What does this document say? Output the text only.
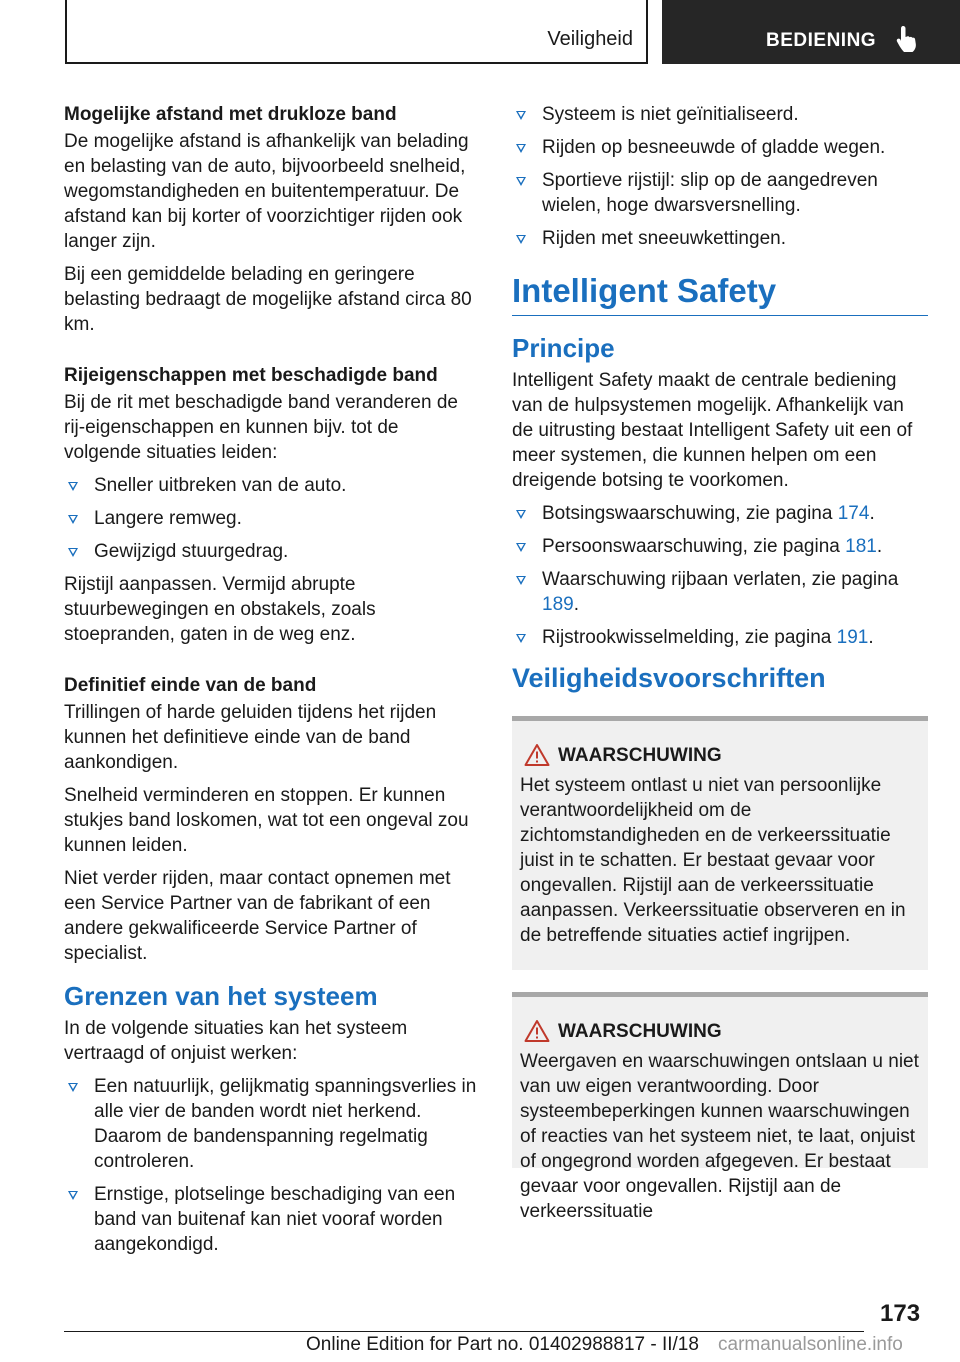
Veiligheid	BEDIENING
Mogelijke afstand met drukloze band

De mogelijke afstand is afhankelijk van belading en belasting van de auto, bijvoorbeeld snelheid, wegomstandigheden en buitentemperatuur. De afstand kan bij korter of voorzichtiger rijden ook langer zijn.

Bij een gemiddelde belading en geringere belasting bedraagt de mogelijke afstand circa 80 km.

Rijeigenschappen met beschadigde band

Bij de rit met beschadigde band veranderen de rij-eigenschappen en kunnen bijv. tot de volgende situaties leiden:

Sneller uitbreken van de auto.
Langere remweg.
Gewijzigd stuurgedrag.

Rijstijl aanpassen. Vermijd abrupte stuurbewegingen en obstakels, zoals stoepranden, gaten in de weg enz.

Definitief einde van de band

Trillingen of harde geluiden tijdens het rijden kunnen het definitieve einde van de band aankondigen.

Snelheid verminderen en stoppen. Er kunnen stukjes band loskomen, wat tot een ongeval zou kunnen leiden.

Niet verder rijden, maar contact opnemen met een Service Partner van de fabrikant of een andere gekwalificeerde Service Partner of specialist.

Grenzen van het systeem

In de volgende situaties kan het systeem vertraagd of onjuist werken:

Een natuurlijk, gelijkmatig spanningsverlies in alle vier de banden wordt niet herkend. Daarom de bandenspanning regelmatig controleren.
Ernstige, plotselinge beschadiging van een band van buitenaf kan niet vooraf worden aangekondigd.
Systeem is niet geïnitialiseerd.
Rijden op besneeuwde of gladde wegen.
Sportieve rijstijl: slip op de aangedreven wielen, hoge dwarsversnelling.
Rijden met sneeuwkettingen.
Intelligent Safety
Principe

Intelligent Safety maakt de centrale bediening van de hulpsystemen mogelijk. Afhankelijk van de uitrusting bestaat Intelligent Safety uit een of meer systemen, die kunnen helpen om een dreigende botsing te voorkomen.

Botsingswaarschuwing, zie pagina 174.
Persoonswaarschuwing, zie pagina 181.
Waarschuwing rijbaan verlaten, zie pagina 189.
Rijstrookwisselmelding, zie pagina 191.
Veiligheidsvoorschriften
WAARSCHUWING

Het systeem ontlast u niet van persoonlijke verantwoordelijkheid om de zichtomstandigheden en de verkeerssituatie juist in te schatten. Er bestaat gevaar voor ongevallen. Rijstijl aan de verkeerssituatie aanpassen. Verkeerssituatie observeren en in de betreffende situaties actief ingrijpen.

WAARSCHUWING

Weergaven en waarschuwingen ontslaan u niet van uw eigen verantwoording. Door systeembeperkingen kunnen waarschuwingen of reacties van het systeem niet, te laat, onjuist of ongegrond worden afgegeven. Er bestaat gevaar voor ongevallen. Rijstijl aan de verkeerssituatie

173
Online Edition for Part no. 01402988817 - II/18 carmanualsonline.info
